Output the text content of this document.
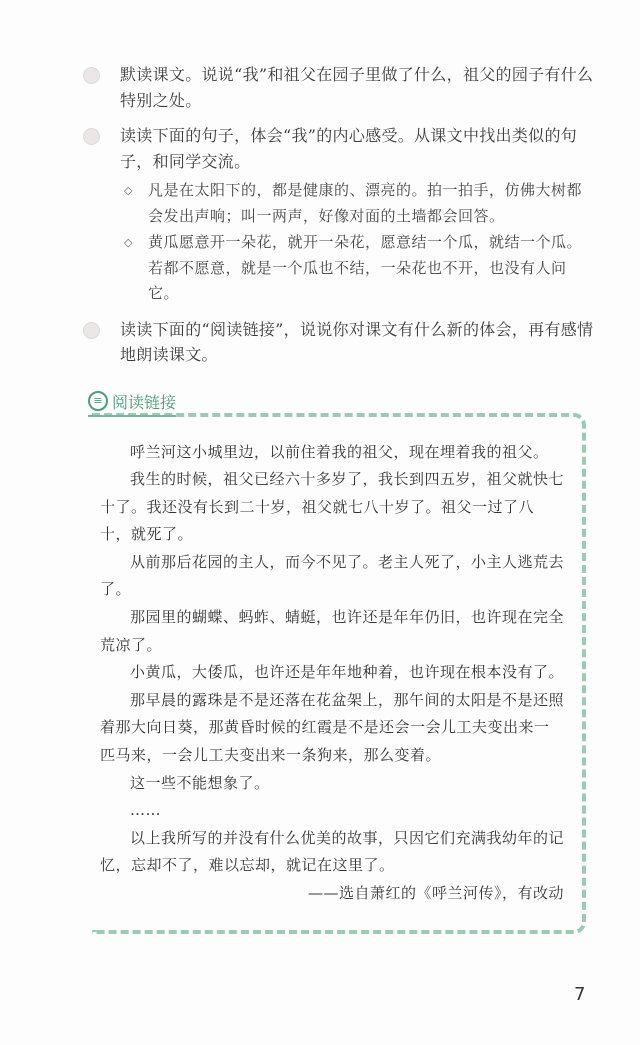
默读课文。说说“我”和祖父在园子里做了什么，祖父的园子有什么特别之处。
读读下面的句子，体会“我”的内心感受。从课文中找出类似的句子，和同学交流。
◇ 凡是在太阳下的，都是健康的、漂亮的。拍一拍手，仿佛大树都会发出声响；叫一两声，好像对面的土墙都会回答。
◇ 黄瓜愿意开一朵花，就开一朵花，愿意结一个瓜，就结一个瓜。若都不愿意，就是一个瓜也不结，一朵花也不开，也没有人问它。
读读下面的“阅读链接”，说说你对课文有什么新的体会，再有感情地朗读课文。
≡ 阅读链接

呼兰河这小城里边，以前住着我的祖父，现在埋着我的祖父。

我生的时候，祖父已经六十多岁了，我长到四五岁，祖父就快七十了。我还没有长到二十岁，祖父就七八十岁了。祖父一过了八十，就死了。

从前那后花园的主人，而今不见了。老主人死了，小主人逃荒去了。

那园里的蝴蝶、蚂蚱、蜻蜓，也许还是年年仍旧，也许现在完全荒凉了。

小黄瓜，大倭瓜，也许还是年年地种着，也许现在根本没有了。

那早晨的露珠是不是还落在花盆架上，那午间的太阳是不是还照着那大向日葵，那黄昏时候的红霞是不是还会一会儿工夫变出来一匹马来，一会儿工夫变出来一条狗来，那么变着。

这一些不能想象了。

……

以上我所写的并没有什么优美的故事，只因它们充满我幼年的记忆，忘却不了，难以忘却，就记在这里了。

——选自萧红的《呼兰河传》，有改动

7
